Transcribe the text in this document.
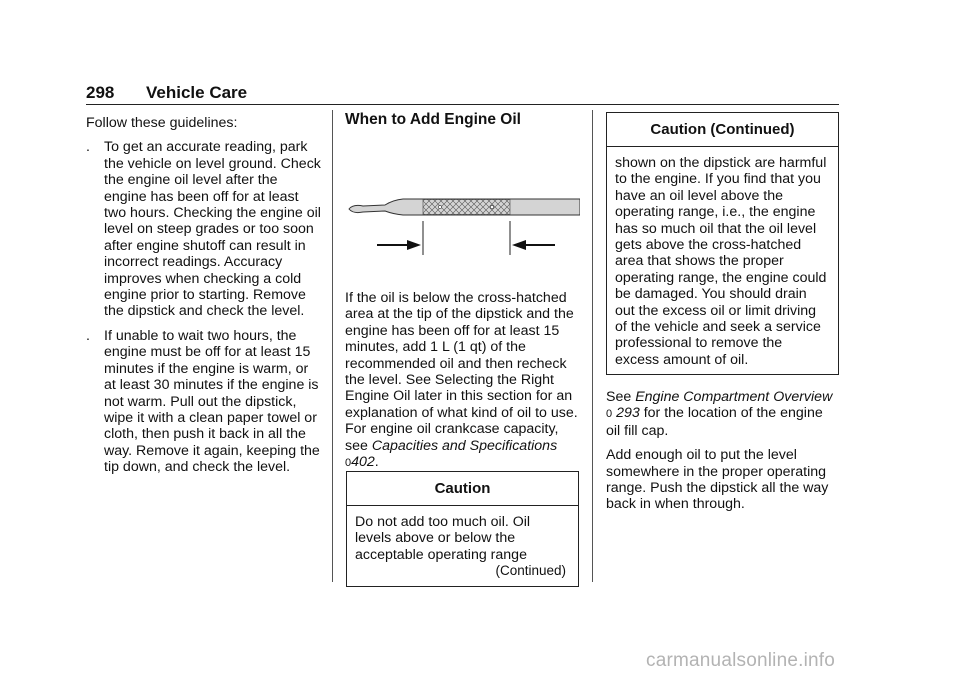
298 Vehicle Care

Follow these guidelines:

. To get an accurate reading, park the vehicle on level ground. Check the engine oil level after the engine has been off for at least two hours. Checking the engine oil level on steep grades or too soon after engine shutoff can result in incorrect readings. Accuracy improves when checking a cold engine prior to starting. Remove the dipstick and check the level.
. If unable to wait two hours, the engine must be off for at least 15 minutes if the engine is warm, or at least 30 minutes if the engine is not warm. Pull out the dipstick, wipe it with a clean paper towel or cloth, then push it back in all the way. Remove it again, keeping the tip down, and check the level.
When to Add Engine Oil

If the oil is below the cross-hatched area at the tip of the dipstick and the engine has been off for at least 15 minutes, add 1 L (1 qt) of the recommended oil and then recheck the level. See Selecting the Right Engine Oil later in this section for an explanation of what kind of oil to use. For engine oil crankcase capacity, see Capacities and Specifications 0402.

Caution
Do not add too much oil. Oil levels above or below the acceptable operating range
(Continued)
Caution (Continued)
shown on the dipstick are harmful to the engine. If you find that you have an oil level above the operating range, i.e., the engine has so much oil that the oil level gets above the cross-hatched area that shows the proper operating range, the engine could be damaged. You should drain out the excess oil or limit driving of the vehicle and seek a service professional to remove the excess amount of oil.

See Engine Compartment Overview
0 293 for the location of the engine oil fill cap.

Add enough oil to put the level somewhere in the proper operating range. Push the dipstick all the way back in when through.

carmanualsonline.info
